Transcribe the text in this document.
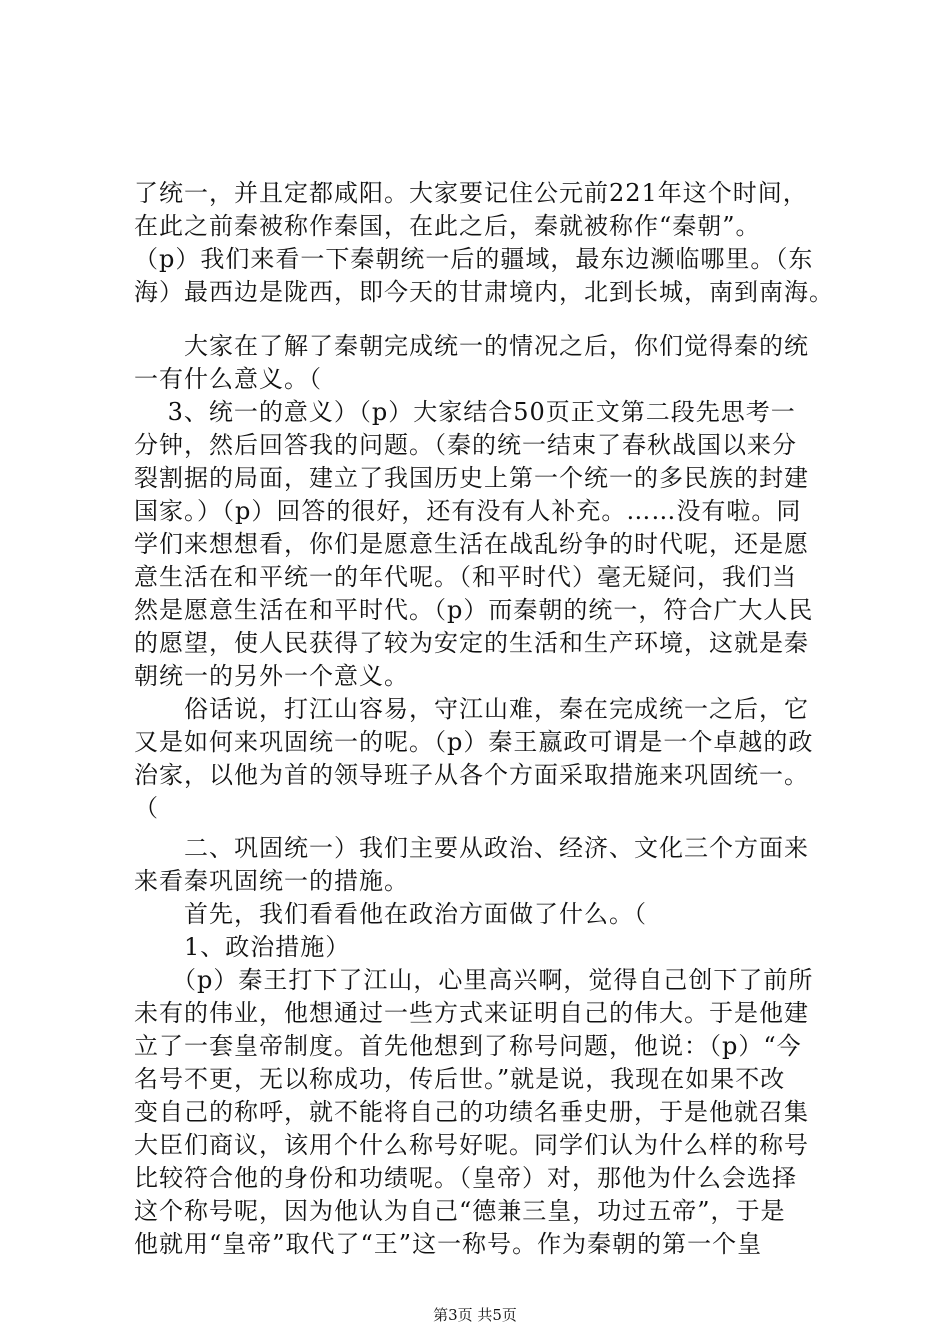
了统一，并且定都咸阳。大家要记住公元前221年这个时间，
在此之前秦被称作秦国，在此之后，秦就被称作“秦朝”。
（p）我们来看一下秦朝统一后的疆域，最东边濒临哪里。（东
海）最西边是陇西，即今天的甘肃境内，北到长城，南到南海。
　　大家在了解了秦朝完成统一的情况之后，你们觉得秦的统
一有什么意义。（
　 3、统一的意义）（p）大家结合50页正文第二段先思考一
分钟，然后回答我的问题。（秦的统一结束了春秋战国以来分
裂割据的局面，建立了我国历史上第一个统一的多民族的封建
国家。）（p）回答的很好，还有没有人补充。……没有啦。同
学们来想想看，你们是愿意生活在战乱纷争的时代呢，还是愿
意生活在和平统一的年代呢。（和平时代）毫无疑问，我们当
然是愿意生活在和平时代。（p）而秦朝的统一，符合广大人民
的愿望，使人民获得了较为安定的生活和生产环境，这就是秦
朝统一的另外一个意义。
　　俗话说，打江山容易，守江山难，秦在完成统一之后，它
又是如何来巩固统一的呢。（p）秦王嬴政可谓是一个卓越的政
治家，以他为首的领导班子从各个方面采取措施来巩固统一。
（
　　二、巩固统一）我们主要从政治、经济、文化三个方面来
来看秦巩固统一的措施。
　　首先，我们看看他在政治方面做了什么。（
　　1、政治措施）
　　（p）秦王打下了江山，心里高兴啊，觉得自己创下了前所
未有的伟业，他想通过一些方式来证明自己的伟大。于是他建
立了一套皇帝制度。首先他想到了称号问题，他说：（p）“今
名号不更，无以称成功，传后世。”就是说，我现在如果不改
变自己的称呼，就不能将自己的功绩名垂史册，于是他就召集
大臣们商议，该用个什么称号好呢。同学们认为什么样的称号
比较符合他的身份和功绩呢。（皇帝）对，那他为什么会选择
这个称号呢，因为他认为自己“德兼三皇，功过五帝”，于是
他就用“皇帝”取代了“王”这一称号。作为秦朝的第一个皇
第3页 共5页
